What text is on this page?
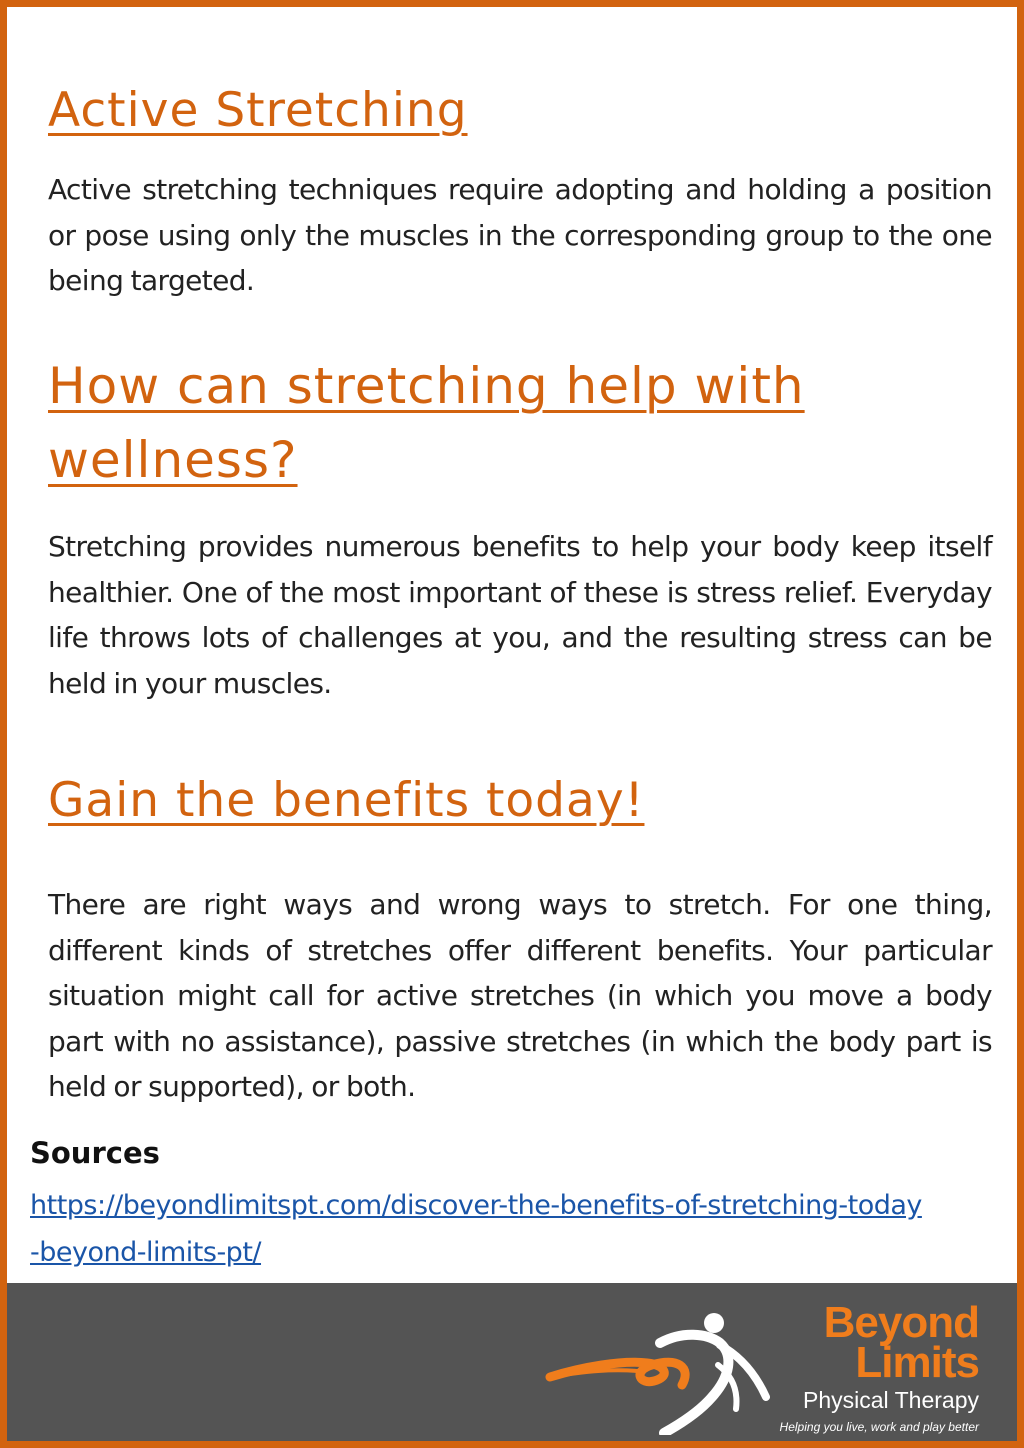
Active Stretching

Active stretching techniques require adopting and holding a position or pose using only the muscles in the corresponding group to the one being targeted.

How can stretching help with wellness?

Stretching provides numerous benefits to help your body keep itself healthier. One of the most important of these is stress relief. Everyday life throws lots of challenges at you, and the resulting stress can be held in your muscles.

Gain the benefits today!

There are right ways and wrong ways to stretch. For one thing, different kinds of stretches offer different benefits. Your particular situation might call for active stretches (in which you move a body part with no assistance), passive stretches (in which the body part is held or supported), or both.

Sources
https://beyondlimitspt.com/discover-the-benefits-of-stretching-today-beyond-limits-pt/
Beyond
Limits
Physical Therapy
Helping you live, work and play better
